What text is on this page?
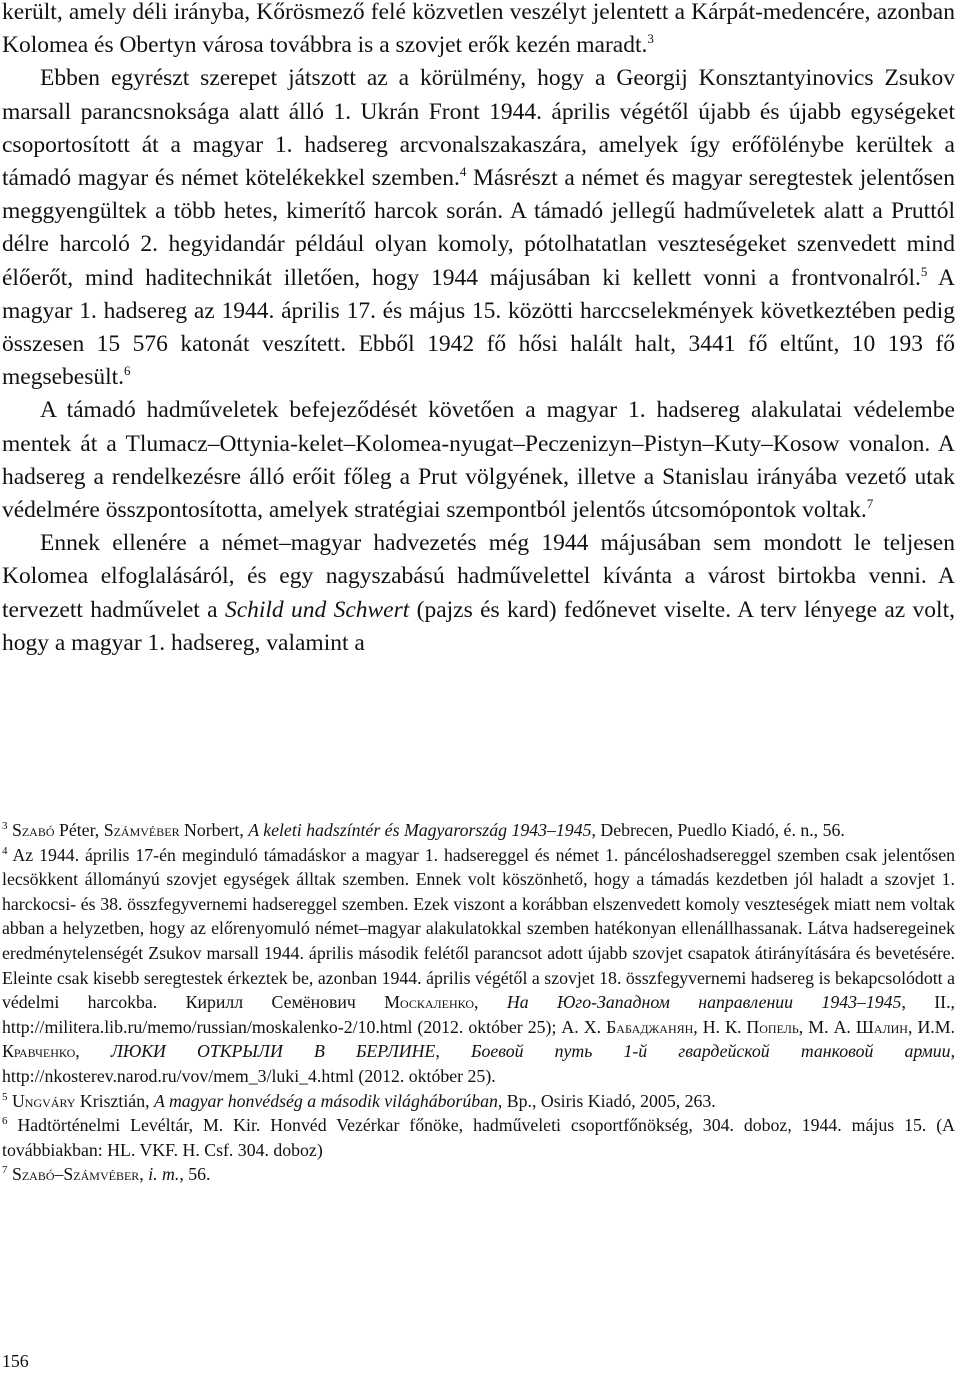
került, amely déli irányba, Kőrösmező felé közvetlen veszélyt jelentett a Kárpát-medencére, azonban Kolomea és Obertyn városa továbbra is a szovjet erők kezén maradt.$^3$

Ebben egyrészt szerepet játszott az a körülmény, hogy a Georgij Konsztantyinovics Zsukov marsall parancsnoksága alatt álló 1. Ukrán Front 1944. április végétől újabb és újabb egységeket csoportosított át a magyar 1. hadsereg arcvonalszakaszára, amelyek így erőfölénybe kerültek a támadó magyar és német kötelékekkel szemben.$^4$ Másrészt a német és magyar seregtestek jelentősen meggyengültek a több hetes, kimerítő harcok során. A támadó jellegű hadműveletek alatt a Pruttól délre harcoló 2. hegyidandár például olyan komoly, pótolhatatlan veszteségeket szenvedett mind élőerőt, mind haditechnikát illetően, hogy 1944 májusában ki kellett vonni a frontvonalról.$^5$ A magyar 1. hadsereg az 1944. április 17. és május 15. közötti harccselekmények következtében pedig összesen 15 576 katonát veszített. Ebből 1942 fő hősi halált halt, 3441 fő eltűnt, 10 193 fő megsebesült.$^6$

A támadó hadműveletek befejeződését követően a magyar 1. hadsereg alakulatai védelembe mentek át a Tlumacz–Ottynia-kelet–Kolomea-nyugat–Peczenizyn–Pistyn–Kuty–Kosow vonalon. A hadsereg a rendelkezésre álló erőit főleg a Prut völgyének, illetve a Stanislau irányába vezető utak védelmére összpontosította, amelyek stratégiai szempontból jelentős útcsomópontok voltak.$^7$

Ennek ellenére a német–magyar hadvezetés még 1944 májusában sem mondott le teljesen Kolomea elfoglalásáról, és egy nagyszabású hadművelettel kívánta a várost birtokba venni. A tervezett hadművelet a Schild und Schwert (pajzs és kard) fedőnevet viselte. A terv lényege az volt, hogy a magyar 1. hadsereg, valamint a

$^3$ Szabó Péter, Számvéber Norbert, A keleti hadszíntér és Magyarország 1943–1945, Debrecen, Puedlo Kiadó, é. n., 56.

$^4$ Az 1944. április 17-én meginduló támadáskor a magyar 1. hadsereggel és német 1. páncéloshadsereggel szemben csak jelentősen lecsökkent állományú szovjet egységek álltak szemben. Ennek volt köszönhető, hogy a támadás kezdetben jól haladt a szovjet 1. harckocsi- és 38. összfegyvernemi hadsereggel szemben. Ezek viszont a korábban elszenvedett komoly veszteségek miatt nem voltak abban a helyzetben, hogy az előrenyomuló német–magyar alakulatokkal szemben hatékonyan ellenállhassanak. Látva hadseregeinek eredménytelenségét Zsukov marsall 1944. április második felétől parancsot adott újabb szovjet csapatok átirányítására és bevetésére. Eleinte csak kisebb seregtestek érkeztek be, azonban 1944. április végétől a szovjet 18. összfegyvernemi hadsereg is bekapcsolódott a védelmi harcokba. Кирилл Семёнович Москаленко, На Юго-Западном направлении 1943–1945, II., http://militera.lib.ru/memo/russian/moskalenko-2/10.html (2012. október 25); А. Х. Бабаджанян, Н. К. Попель, М. А. Шалин, И.М. Кравченко, ЛЮКИ ОТКРЫЛИ В БЕРЛИНЕ, Боевой путь 1-й гвардейской танковой армии, http://nkosterev.narod.ru/vov/mem_3/luki_4.html (2012. október 25).

$^5$ Ungváry Krisztián, A magyar honvédség a második világháborúban, Bp., Osiris Kiadó, 2005, 263.

$^6$ Hadtörténelmi Levéltár, M. Kir. Honvéd Vezérkar főnöke, hadműveleti csoportfőnökség, 304. doboz, 1944. május 15. (A továbbiakban: HL. VKF. H. Csf. 304. doboz)

$^7$ Szabó–Számvéber, i. m., 56.

156
